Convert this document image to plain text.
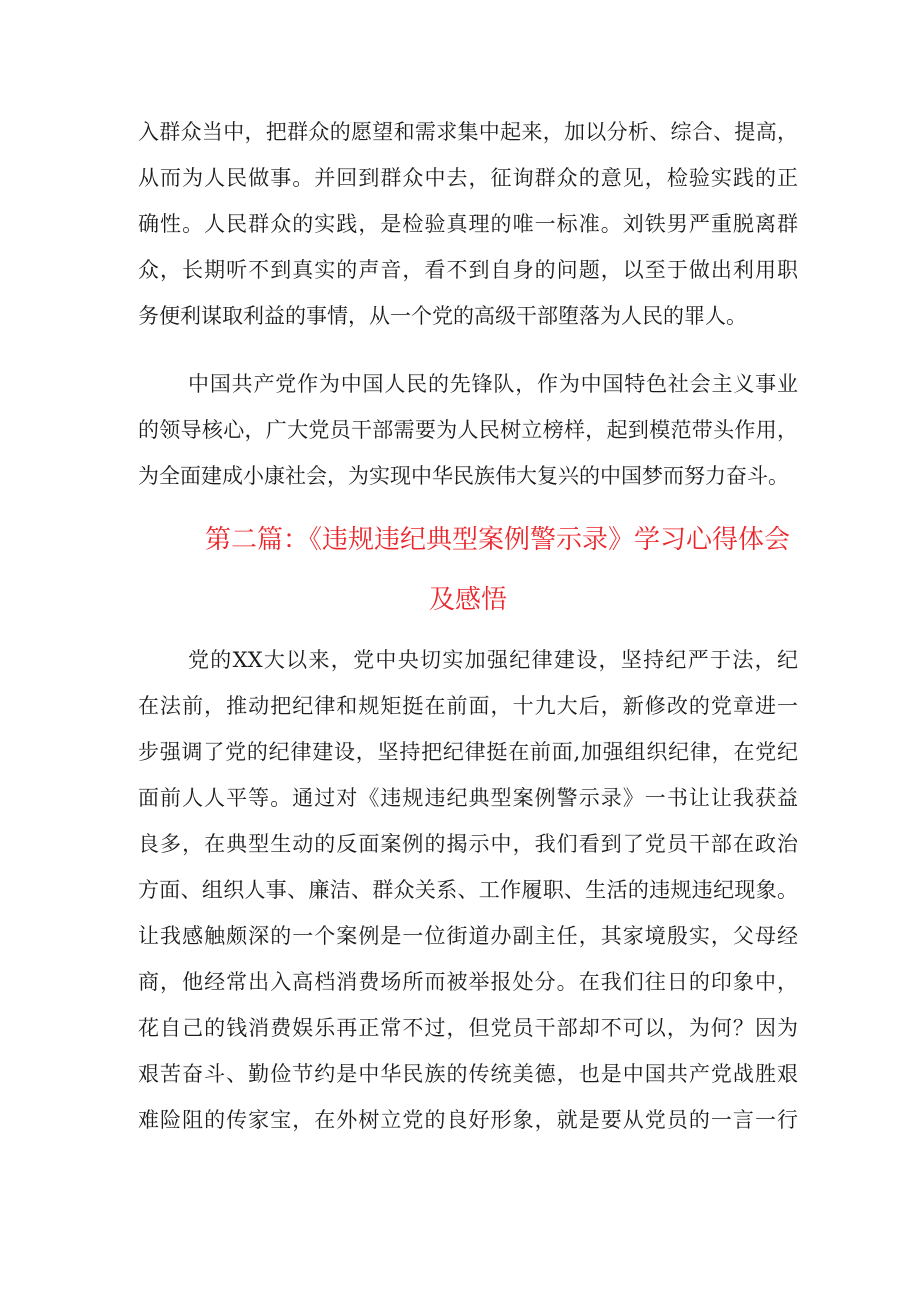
入群众当中，把群众的愿望和需求集中起来，加以分析、综合、提高，
从而为人民做事。并回到群众中去，征询群众的意见，检验实践的正
确性。人民群众的实践，是检验真理的唯一标准。刘铁男严重脱离群
众，长期听不到真实的声音，看不到自身的问题，以至于做出利用职
务便利谋取利益的事情，从一个党的高级干部堕落为人民的罪人。
中国共产党作为中国人民的先锋队，作为中国特色社会主义事业
的领导核心，广大党员干部需要为人民树立榜样，起到模范带头作用，
为全面建成小康社会，为实现中华民族伟大复兴的中国梦而努力奋斗。
第二篇：《违规违纪典型案例警示录》学习心得体会
及感悟
党的XX大以来，党中央切实加强纪律建设，坚持纪严于法，纪
在法前，推动把纪律和规矩挺在前面，十九大后，新修改的党章进一
步强调了党的纪律建设，坚持把纪律挺在前面,加强组织纪律，在党纪
面前人人平等。通过对《违规违纪典型案例警示录》一书让让我获益
良多，在典型生动的反面案例的揭示中，我们看到了党员干部在政治
方面、组织人事、廉洁、群众关系、工作履职、生活的违规违纪现象。
让我感触颇深的一个案例是一位街道办副主任，其家境殷实，父母经
商，他经常出入高档消费场所而被举报处分。在我们往日的印象中，
花自己的钱消费娱乐再正常不过，但党员干部却不可以，为何？因为
艰苦奋斗、勤俭节约是中华民族的传统美德，也是中国共产党战胜艰
难险阻的传家宝，在外树立党的良好形象，就是要从党员的一言一行
